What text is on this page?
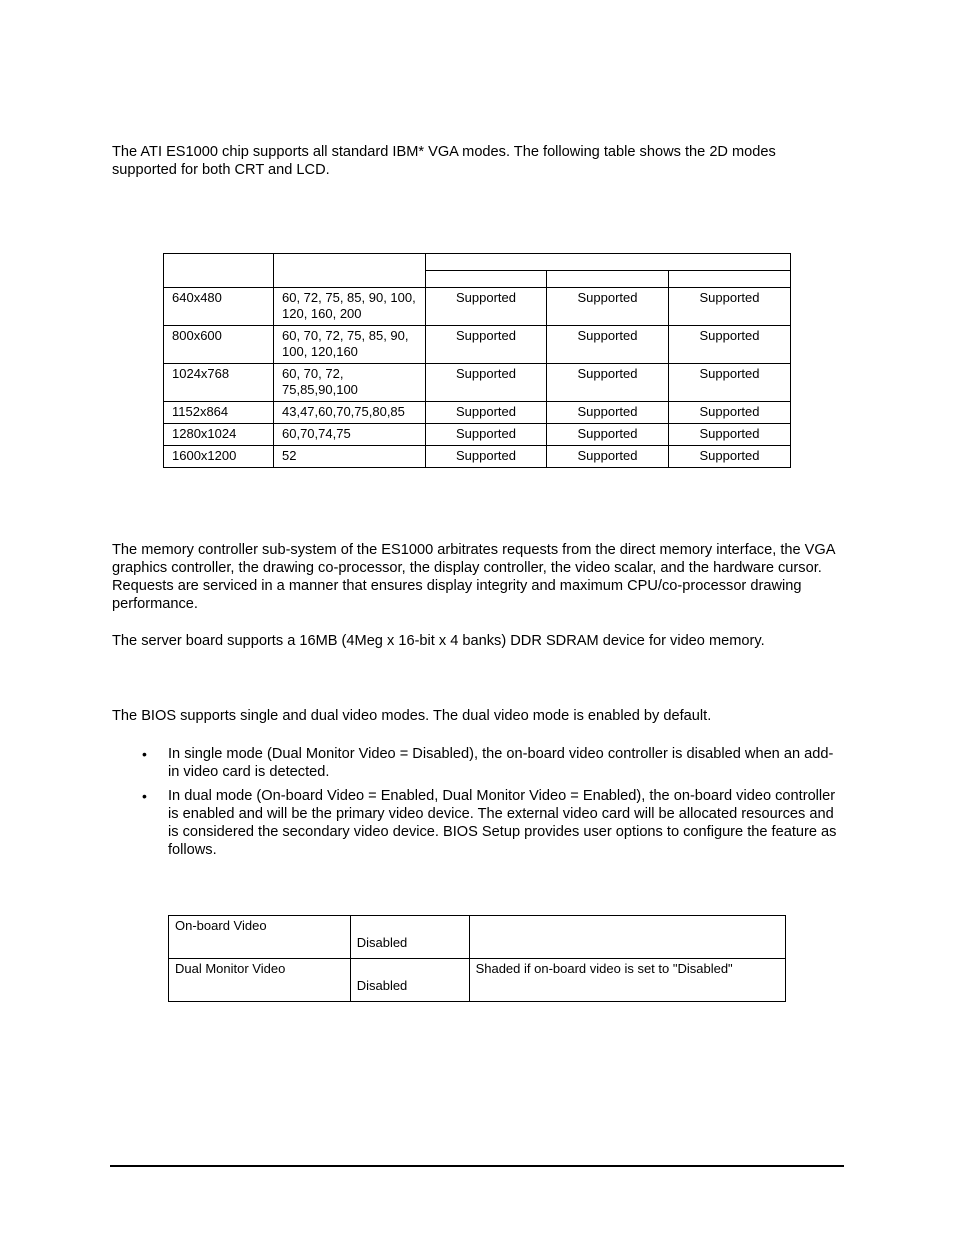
The ATI ES1000 chip supports all standard IBM* VGA modes. The following table shows the 2D modes supported for both CRT and LCD.

640x480	60, 72, 75, 85, 90, 100, 120, 160, 200	Supported	Supported	Supported
800x600	60, 70, 72, 75, 85, 90, 100, 120,160	Supported	Supported	Supported
1024x768	60, 70, 72, 75,85,90,100	Supported	Supported	Supported
1152x864	43,47,60,70,75,80,85	Supported	Supported	Supported
1280x1024	60,70,74,75	Supported	Supported	Supported
1600x1200	52	Supported	Supported	Supported

The memory controller sub-system of the ES1000 arbitrates requests from the direct memory interface, the VGA graphics controller, the drawing co-processor, the display controller, the video scalar, and the hardware cursor. Requests are serviced in a manner that ensures display integrity and maximum CPU/co-processor drawing performance.

The server board supports a 16MB (4Meg x 16-bit x 4 banks) DDR SDRAM device for video memory.

The BIOS supports single and dual video modes. The dual video mode is enabled by default.

• In single mode (Dual Monitor Video = Disabled), the on-board video controller is disabled when an add-in video card is detected.
• In dual mode (On-board Video = Enabled, Dual Monitor Video = Enabled), the on-board video controller is enabled and will be the primary video device. The external video card will be allocated resources and is considered the secondary video device. BIOS Setup provides user options to configure the feature as follows.
On-board Video	Disabled	
Dual Monitor Video	Disabled	Shaded if on-board video is set to "Disabled"
